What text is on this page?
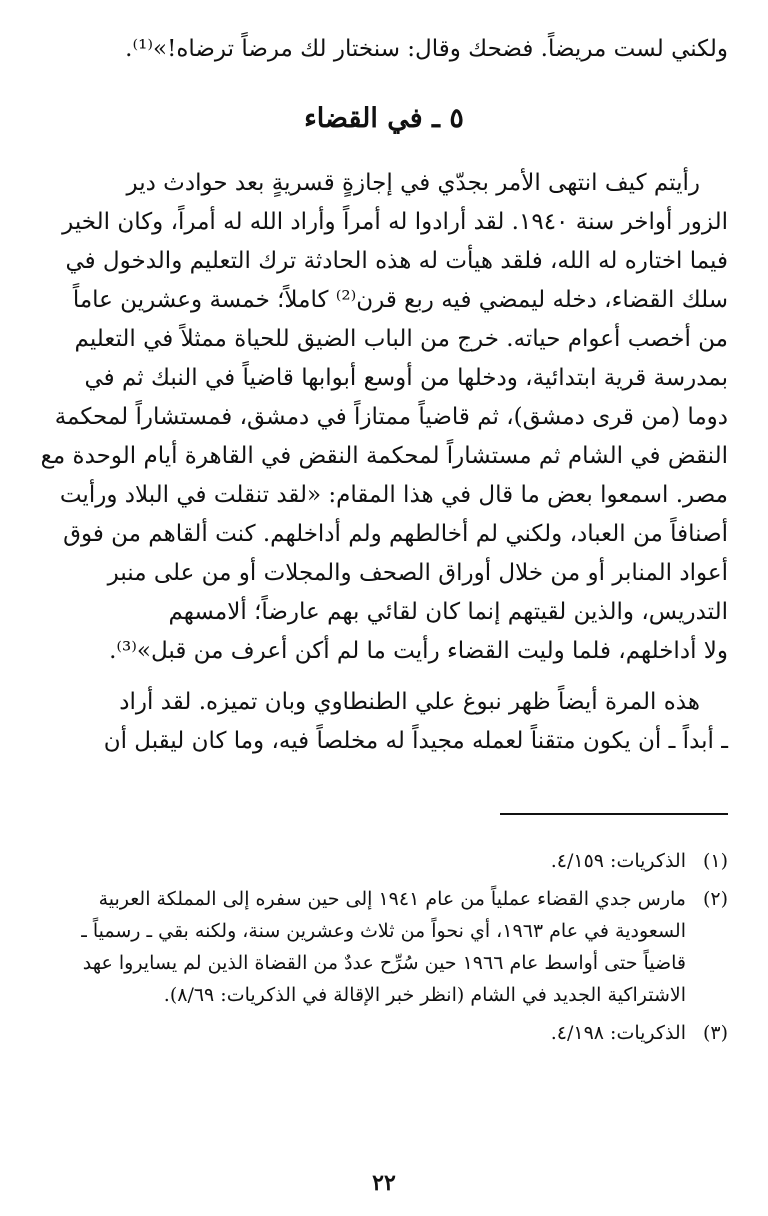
ولكني لست مريضاً. فضحك وقال: سنختار لك مرضاً ترضاه!»⁽¹⁾.
٥ ـ في القضاء
رأيتم كيف انتهى الأمر بجدّي في إجازةٍ قسريةٍ بعد حوادث دير
الزور أواخر سنة ١٩٤٠. لقد أرادوا له أمراً وأراد الله له أمراً، وكان الخير
فيما اختاره له الله، فلقد هيأت له هذه الحادثة ترك التعليم والدخول في
سلك القضاء، دخله ليمضي فيه ربع قرن⁽²⁾ كاملاً؛ خمسة وعشرين عاماً
من أخصب أعوام حياته. خرج من الباب الضيق للحياة ممثلاً في التعليم
بمدرسة قرية ابتدائية، ودخلها من أوسع أبوابها قاضياً في النبك ثم في
دوما (من قرى دمشق)، ثم قاضياً ممتازاً في دمشق، فمستشاراً لمحكمة
النقض في الشام ثم مستشاراً لمحكمة النقض في القاهرة أيام الوحدة مع
مصر. اسمعوا بعض ما قال في هذا المقام: «لقد تنقلت في البلاد ورأيت
أصنافاً من العباد، ولكني لم أخالطهم ولم أداخلهم. كنت ألقاهم من فوق
أعواد المنابر أو من خلال أوراق الصحف والمجلات أو من على منبر
التدريس، والذين لقيتهم إنما كان لقائي بهم عارضاً؛ ألامسهم
ولا أداخلهم، فلما وليت القضاء رأيت ما لم أكن أعرف من قبل»⁽³⁾.
هذه المرة أيضاً ظهر نبوغ علي الطنطاوي وبان تميزه. لقد أراد
ـ أبداً ـ أن يكون متقناً لعمله مجيداً له مخلصاً فيه، وما كان ليقبل أن
(١)
الذكريات: ٤/١٥٩.
(٢)
مارس جدي القضاء عملياً من عام ١٩٤١ إلى حين سفره إلى المملكة العربية
السعودية في عام ١٩٦٣، أي نحواً من ثلاث وعشرين سنة، ولكنه بقي ـ رسمياً ـ
قاضياً حتى أواسط عام ١٩٦٦ حين سُرِّح عددٌ من القضاة الذين لم يسايروا عهد
الاشتراكية الجديد في الشام (انظر خبر الإقالة في الذكريات: ٨/٦٩).
(٣)
الذكريات: ٤/١٩٨.
٢٢
